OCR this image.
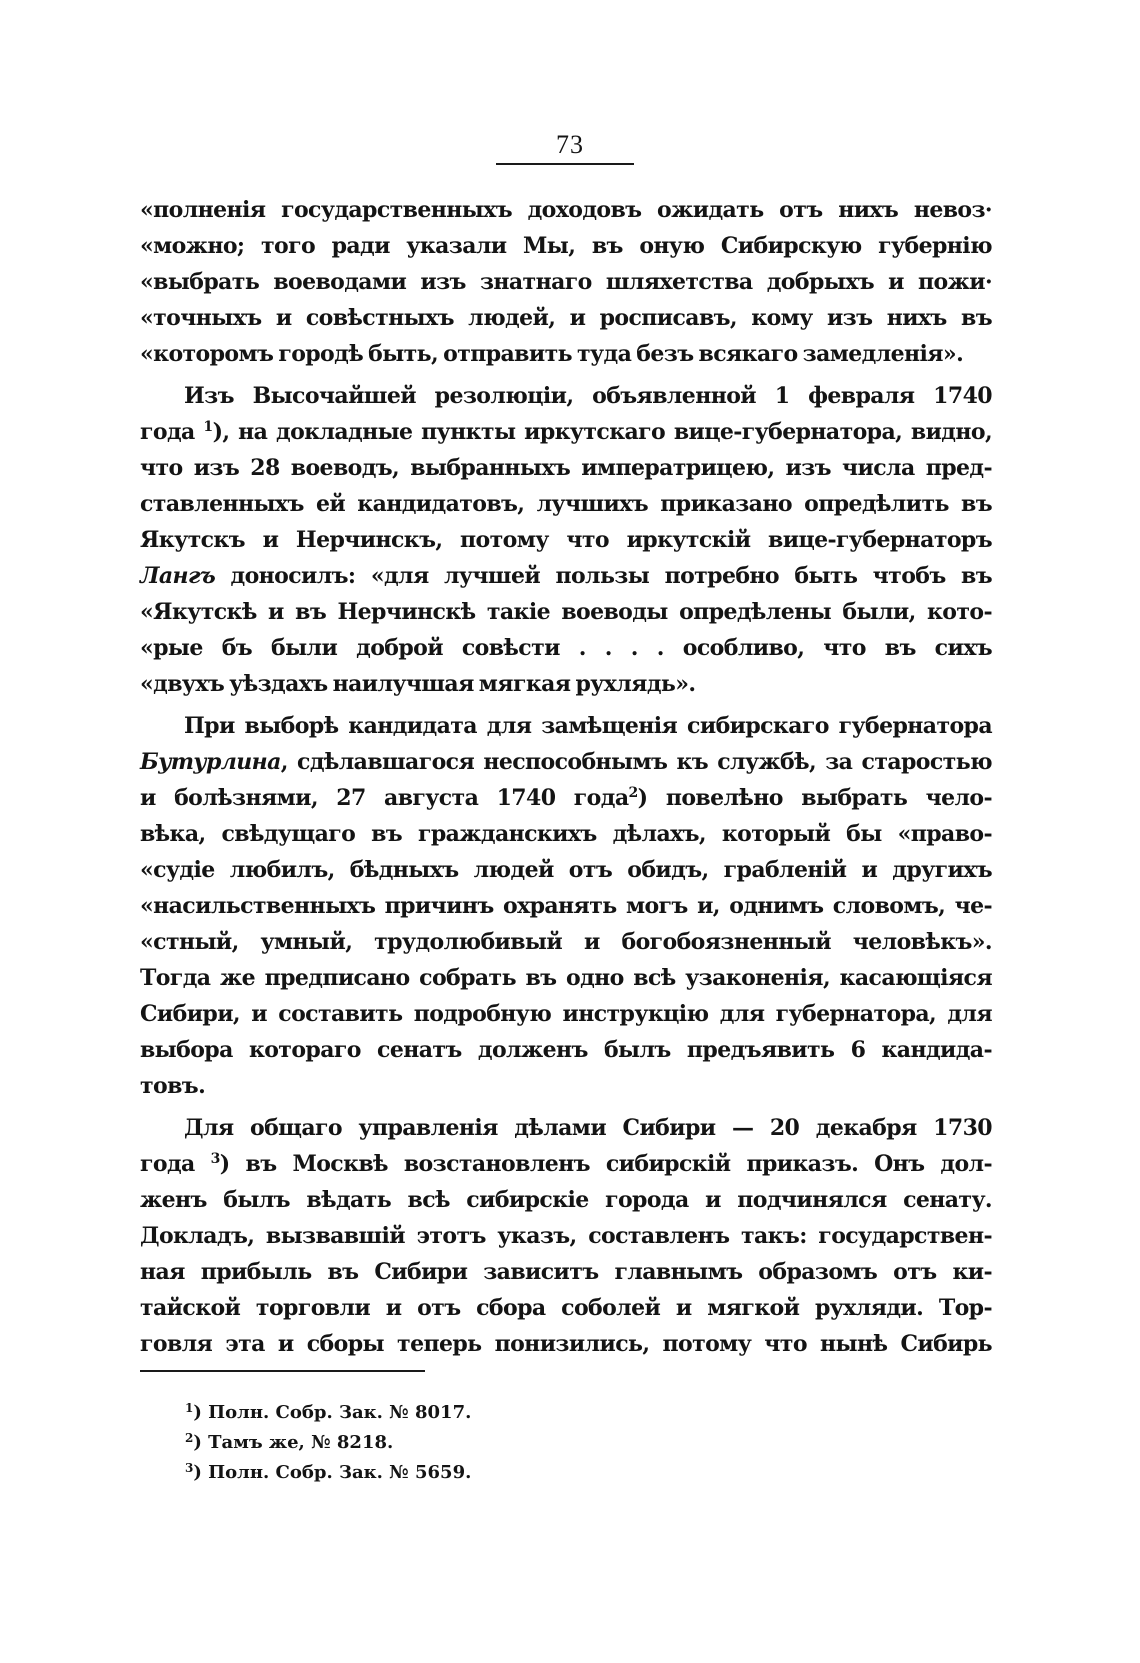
73
«полненія государственныхъ доходовъ ожидать отъ нихъ невоз·
«можно; того ради указали Мы, въ оную Сибирскую губернію
«выбрать воеводами изъ знатнаго шляхетства добрыхъ и пожи·
«точныхъ и совѣстныхъ людей, и росписавъ, кому изъ нихъ въ
«которомъ городѣ быть, отправить туда безъ всякаго замедленія».
Изъ Высочайшей резолюціи, объявленной 1 февраля 1740
года $^1$), на докладные пункты иркутскаго вице-губернатора, видно,
что изъ 28 воеводъ, выбранныхъ императрицею, изъ числа пред-
ставленныхъ ей кандидатовъ, лучшихъ приказано опредѣлить въ
Якутскъ и Нерчинскъ, потому что иркутскій вице-губернаторъ
Лангъ доносилъ: «для лучшей пользы потребно быть чтобъ въ
«Якутскѣ и въ Нерчинскѣ такіе воеводы опредѣлены были, кото-
«рые бъ были доброй совѣсти . . . . особливо, что въ сихъ
«двухъ уѣздахъ наилучшая мягкая рухлядь».
При выборѣ кандидата для замѣщенія сибирскаго губернатора
Бутурлина, сдѣлавшагося неспособнымъ къ службѣ, за старостью
и болѣзнями, 27 августа 1740 года$^2$) повелѣно выбрать чело-
вѣка, свѣдущаго въ гражданскихъ дѣлахъ, который бы «право-
«судіе любилъ, бѣдныхъ людей отъ обидъ, грабленій и другихъ
«насильственныхъ причинъ охранять могъ и, однимъ словомъ, че-
«стный, умный, трудолюбивый и богобоязненный человѣкъ».
Тогда же предписано собрать въ одно всѣ узаконенія, касающіяся
Сибири, и составить подробную инструкцію для губернатора, для
выбора котораго сенатъ долженъ былъ предъявить 6 кандида-
товъ.
Для общаго управленія дѣлами Сибири — 20 декабря 1730
года $^3$) въ Москвѣ возстановленъ сибирскій приказъ. Онъ дол-
женъ былъ вѣдать всѣ сибирскіе города и подчинялся сенату.
Докладъ, вызвавшій этотъ указъ, составленъ такъ: государствен-
ная прибыль въ Сибири зависитъ главнымъ образомъ отъ ки-
тайской торговли и отъ сбора соболей и мягкой рухляди. Тор-
говля эта и сборы теперь понизились, потому что нынѣ Сибирь
$^1$) Полн. Собр. Зак. № 8017.
$^2$) Тамъ же, № 8218.
$^3$) Полн. Собр. Зак. № 5659.
